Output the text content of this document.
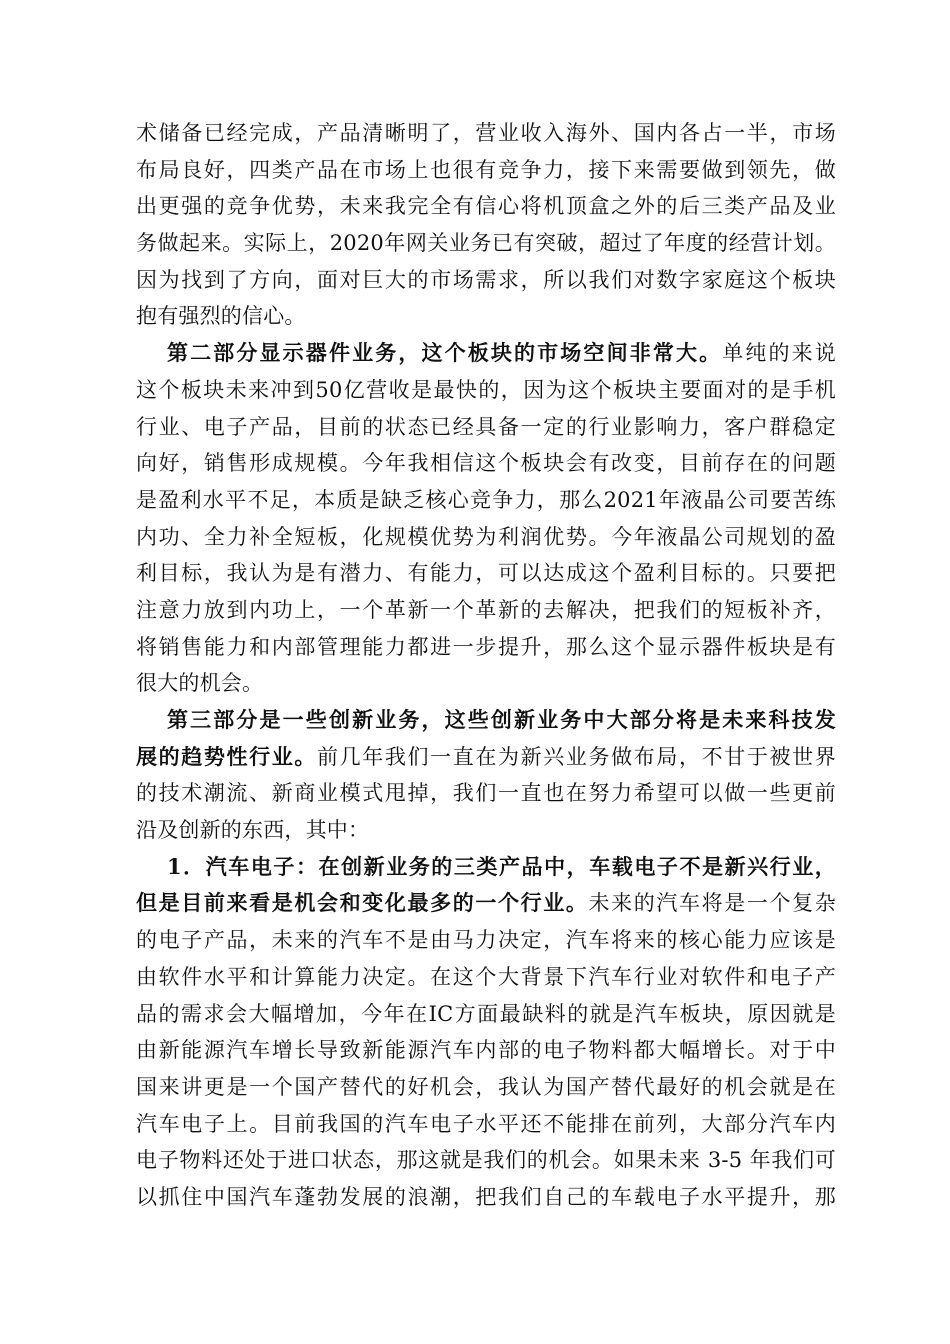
术储备已经完成，产品清晰明了，营业收入海外、国内各占一半，市场
布局良好，四类产品在市场上也很有竞争力，接下来需要做到领先，做
出更强的竞争优势，未来我完全有信心将机顶盒之外的后三类产品及业
务做起来。实际上，2020年网关业务已有突破，超过了年度的经营计划。
因为找到了方向，面对巨大的市场需求，所以我们对数字家庭这个板块
抱有强烈的信心。
第二部分显示器件业务，这个板块的市场空间非常大。单纯的来说
这个板块未来冲到50亿营收是最快的，因为这个板块主要面对的是手机
行业、电子产品，目前的状态已经具备一定的行业影响力，客户群稳定
向好，销售形成规模。今年我相信这个板块会有改变，目前存在的问题
是盈利水平不足，本质是缺乏核心竞争力，那么2021年液晶公司要苦练
内功、全力补全短板，化规模优势为利润优势。今年液晶公司规划的盈
利目标，我认为是有潜力、有能力，可以达成这个盈利目标的。只要把
注意力放到内功上，一个革新一个革新的去解决，把我们的短板补齐，
将销售能力和内部管理能力都进一步提升，那么这个显示器件板块是有
很大的机会。
第三部分是一些创新业务，这些创新业务中大部分将是未来科技发
展的趋势性行业。前几年我们一直在为新兴业务做布局，不甘于被世界
的技术潮流、新商业模式甩掉，我们一直也在努力希望可以做一些更前
沿及创新的东西，其中：
1．汽车电子：在创新业务的三类产品中，车载电子不是新兴行业，
但是目前来看是机会和变化最多的一个行业。未来的汽车将是一个复杂
的电子产品，未来的汽车不是由马力决定，汽车将来的核心能力应该是
由软件水平和计算能力决定。在这个大背景下汽车行业对软件和电子产
品的需求会大幅增加，今年在IC方面最缺料的就是汽车板块，原因就是
由新能源汽车增长导致新能源汽车内部的电子物料都大幅增长。对于中
国来讲更是一个国产替代的好机会，我认为国产替代最好的机会就是在
汽车电子上。目前我国的汽车电子水平还不能排在前列，大部分汽车内
电子物料还处于进口状态，那这就是我们的机会。如果未来 3-5 年我们可
以抓住中国汽车蓬勃发展的浪潮，把我们自己的车载电子水平提升，那
